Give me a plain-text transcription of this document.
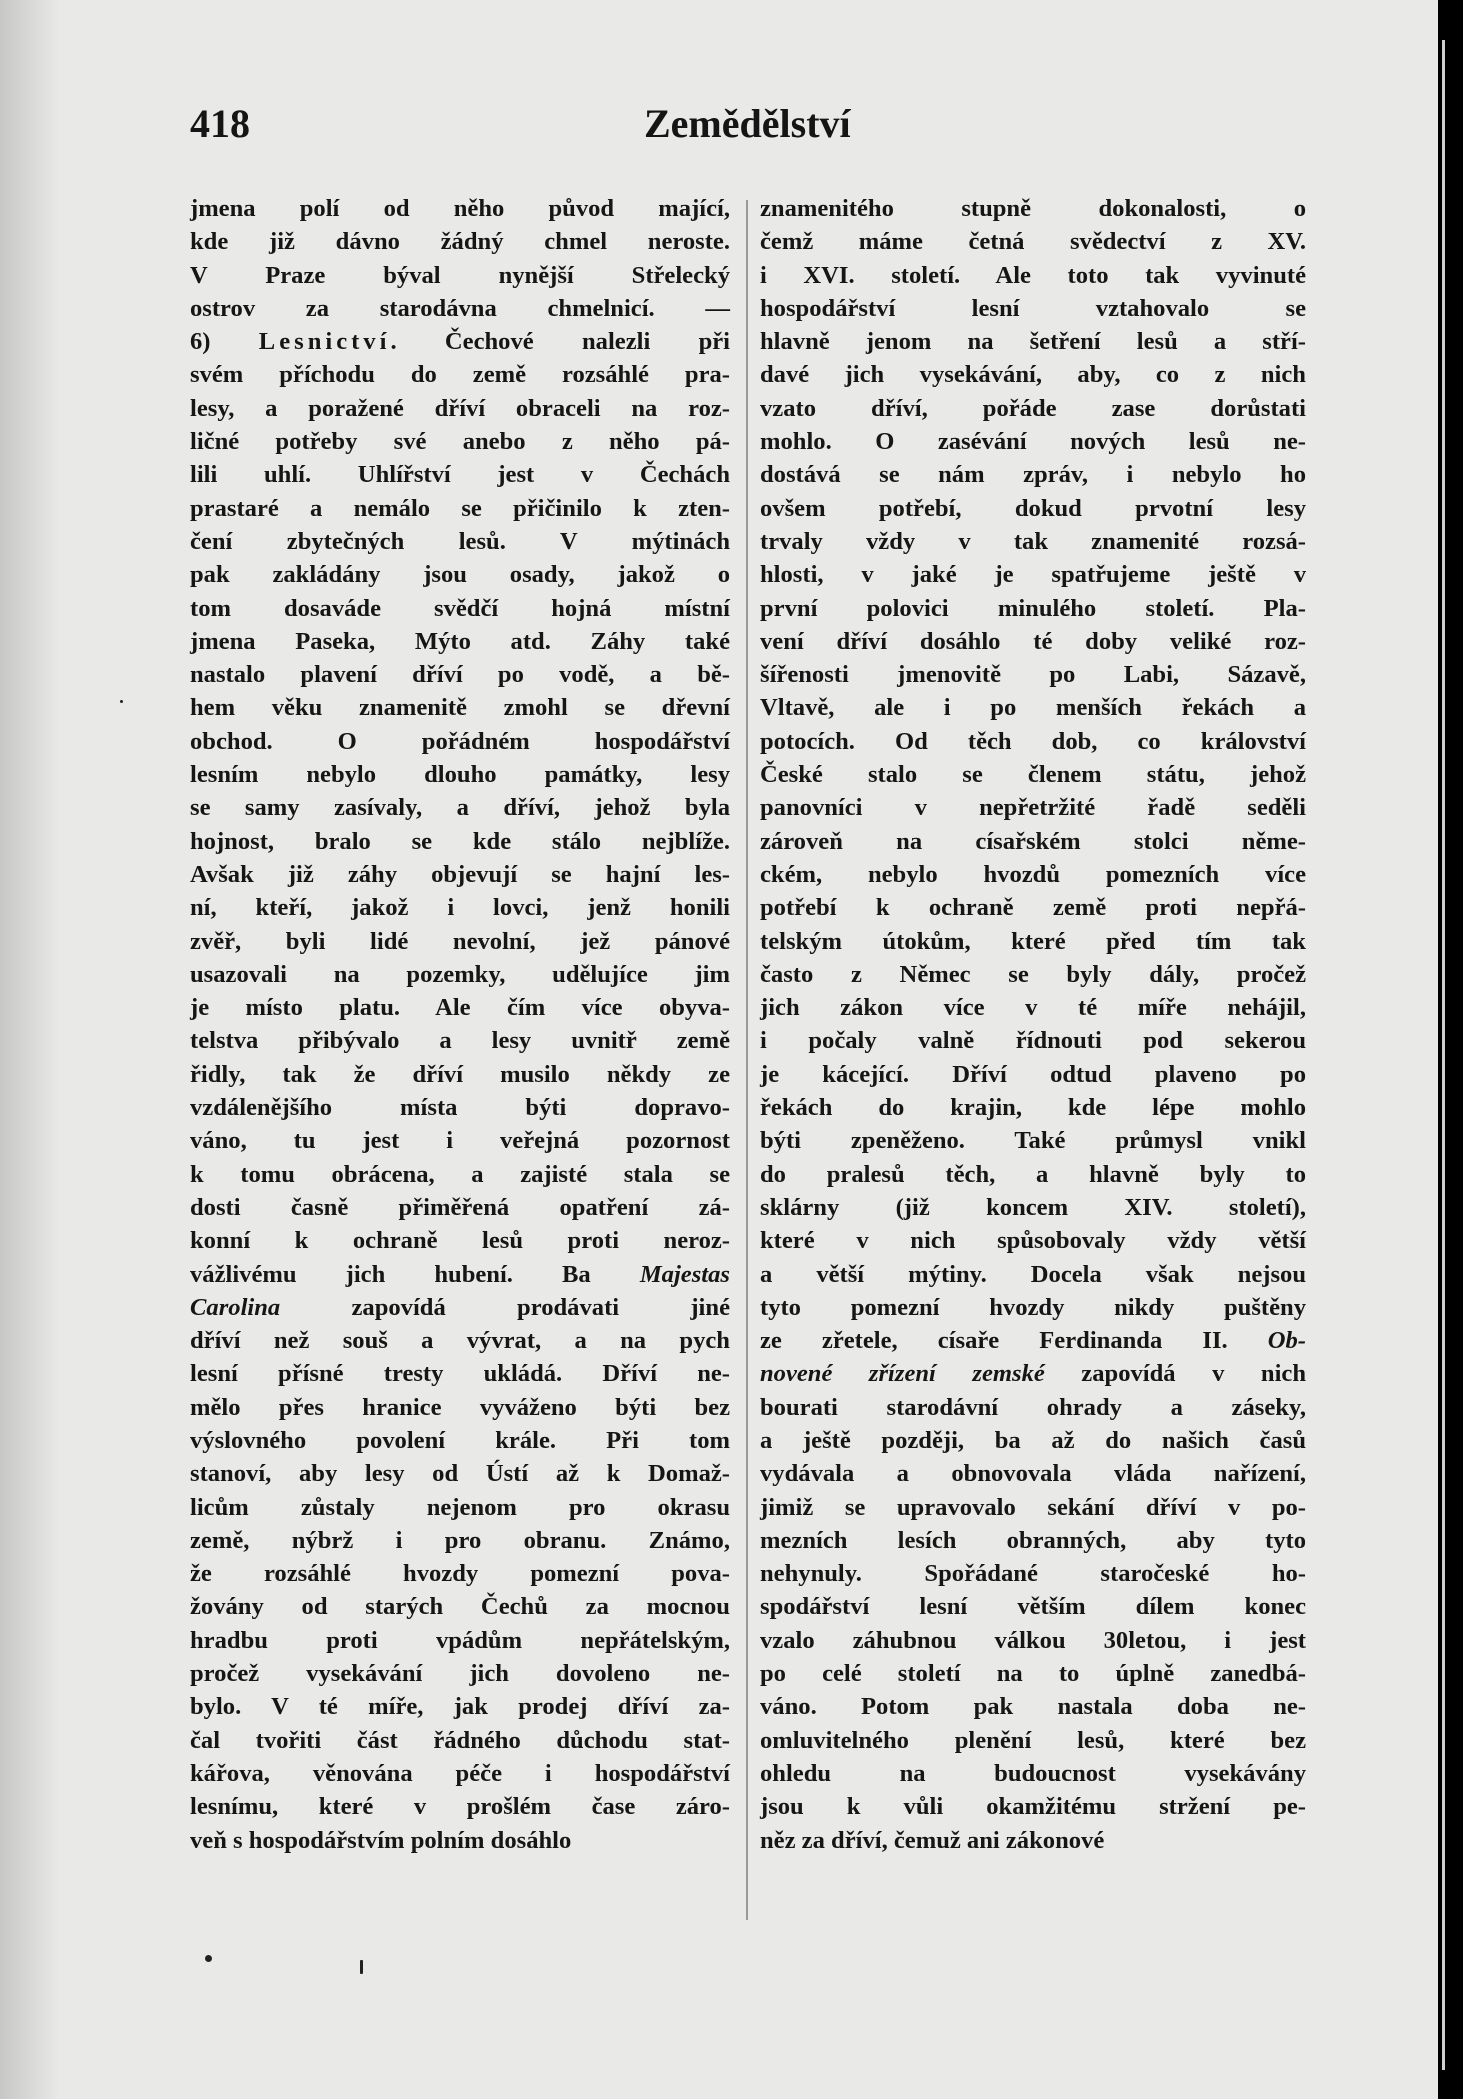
418	Zemědělství

jmena polí od něho původ mající,
kde již dávno žádný chmel neroste.
V Praze býval nynější Střelecký
ostrov za starodávna chmelnicí. —
6) Lesnictví. Čechové nalezli při
svém příchodu do země rozsáhlé pra-
lesy, a poražené dříví obraceli na roz-
ličné potřeby své anebo z něho pá-
lili uhlí. Uhlířství jest v Čechách
prastaré a nemálo se přičinilo k zten-
čení zbytečných lesů. V mýtinách
pak zakládány jsou osady, jakož o
tom dosaváde svědčí hojná místní
jmena Paseka, Mýto atd. Záhy také
nastalo plavení dříví po vodě, a bě-
hem věku znamenitě zmohl se dřevní
obchod. O pořádném hospodářství
lesním nebylo dlouho památky, lesy
se samy zasívaly, a dříví, jehož byla
hojnost, bralo se kde stálo nejblíže.
Avšak již záhy objevují se hajní les-
ní, kteří, jakož i lovci, jenž honili
zvěř, byli lidé nevolní, jež pánové
usazovali na pozemky, udělujíce jim
je místo platu. Ale čím více obyva-
telstva přibývalo a lesy uvnitř země
řidly, tak že dříví musilo někdy ze
vzdálenějšího místa býti dopravo-
váno, tu jest i veřejná pozornost
k tomu obrácena, a zajisté stala se
dosti časně přiměřená opatření zá-
konní k ochraně lesů proti neroz-
vážlivému jich hubení. Ba Majestas
Carolina zapovídá prodávati jiné
dříví než souš a vývrat, a na pych
lesní přísné tresty ukládá. Dříví ne-
mělo přes hranice vyváženo býti bez
výslovného povolení krále. Při tom
stanoví, aby lesy od Ústí až k Domaž-
licům zůstaly nejenom pro okrasu
země, nýbrž i pro obranu. Známo,
že rozsáhlé hvozdy pomezní pova-
žovány od starých Čechů za mocnou
hradbu proti vpádům nepřátelským,
pročež vysekávání jich dovoleno ne-
bylo. V té míře, jak prodej dříví za-
čal tvořiti část řádného důchodu stat-
kářova, věnována péče i hospodářství
lesnímu, které v prošlém čase záro-
veň s hospodářstvím polním dosáhlo

znamenitého stupně dokonalosti, o
čemž máme četná svědectví z XV.
i XVI. století. Ale toto tak vyvinuté
hospodářství lesní vztahovalo se
hlavně jenom na šetření lesů a stří-
davé jich vysekávání, aby, co z nich
vzato dříví, pořáde zase dorůstati
mohlo. O zasévání nových lesů ne-
dostává se nám zpráv, i nebylo ho
ovšem potřebí, dokud prvotní lesy
trvaly vždy v tak znamenité rozsá-
hlosti, v jaké je spatřujeme ještě v
první polovici minulého století. Pla-
vení dříví dosáhlo té doby veliké roz-
šířenosti jmenovitě po Labi, Sázavě,
Vltavě, ale i po menších řekách a
potocích. Od těch dob, co království
České stalo se členem státu, jehož
panovníci v nepřetržité řadě seděli
zároveň na císařském stolci něme-
ckém, nebylo hvozdů pomezních více
potřebí k ochraně země proti nepřá-
telským útokům, které před tím tak
často z Němec se byly dály, pročež
jich zákon více v té míře nehájil,
i počaly valně řídnouti pod sekerou
je kácející. Dříví odtud plaveno po
řekách do krajin, kde lépe mohlo
býti zpeněženo. Také průmysl vnikl
do pralesů těch, a hlavně byly to
sklárny (již koncem XIV. století),
které v nich spůsobovaly vždy větší
a větší mýtiny. Docela však nejsou
tyto pomezní hvozdy nikdy puštěny
ze zřetele, císaře Ferdinanda II. Ob-
novené zřízení zemské zapovídá v nich
bourati starodávní ohrady a záseky,
a ještě později, ba až do našich časů
vydávala a obnovovala vláda nařízení,
jimiž se upravovalo sekání dříví v po-
mezních lesích obranných, aby tyto
nehynuly. Spořádané staročeské ho-
spodářství lesní větším dílem konec
vzalo záhubnou válkou 30letou, i jest
po celé století na to úplně zanedbá-
váno. Potom pak nastala doba ne-
omluvitelného plenění lesů, které bez
ohledu na budoucnost vysekávány
jsou k vůli okamžitému stržení pe-
něz za dříví, čemuž ani zákonové
